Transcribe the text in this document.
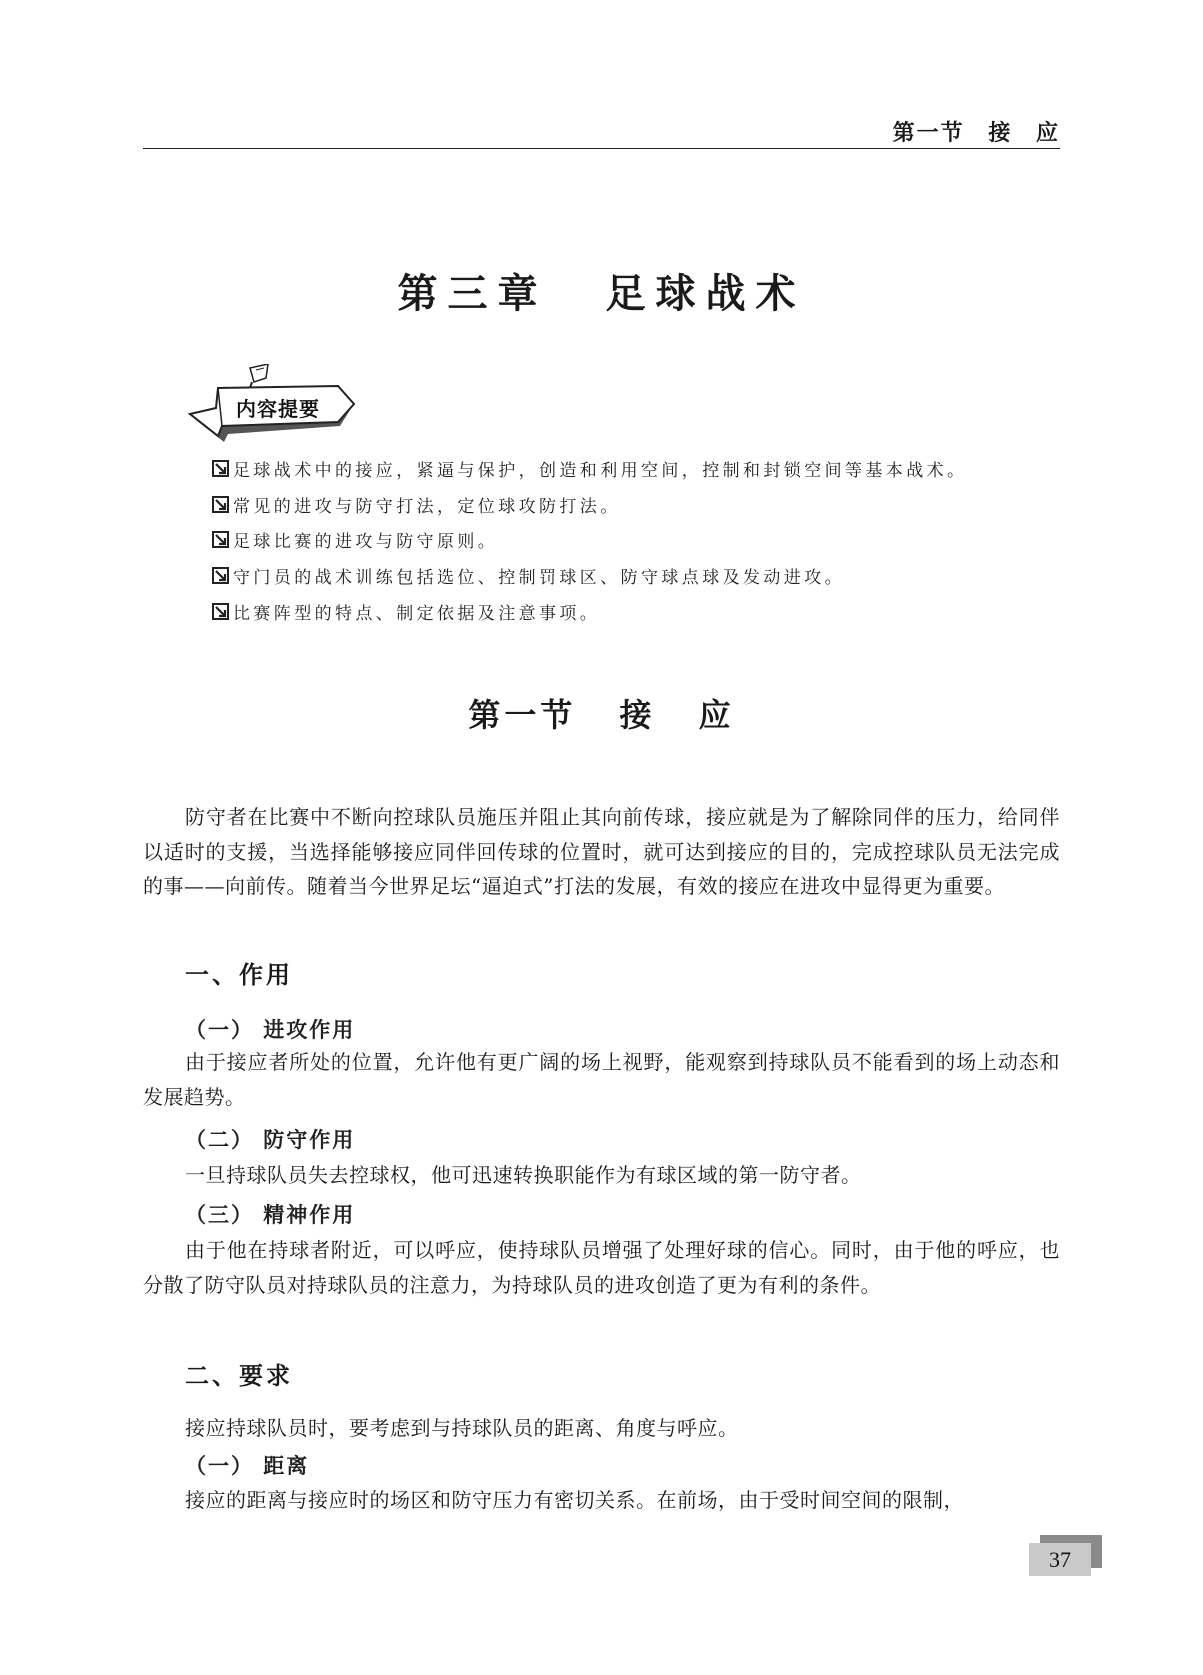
第一节 接 应
第三章 足球战术
内容提要
足球战术中的接应，紧逼与保护，创造和利用空间，控制和封锁空间等基本战术。
常见的进攻与防守打法，定位球攻防打法。
足球比赛的进攻与防守原则。
守门员的战术训练包括选位、控制罚球区、防守球点球及发动进攻。
比赛阵型的特点、制定依据及注意事项。
第一节 接 应

防守者在比赛中不断向控球队员施压并阻止其向前传球，接应就是为了解除同伴的压力，给同伴以适时的支援，当选择能够接应同伴回传球的位置时，就可达到接应的目的，完成控球队员无法完成的事——向前传。随着当今世界足坛“逼迫式”打法的发展，有效的接应在进攻中显得更为重要。

一、作用
（一） 进攻作用

由于接应者所处的位置，允许他有更广阔的场上视野，能观察到持球队员不能看到的场上动态和发展趋势。

（二） 防守作用

一旦持球队员失去控球权，他可迅速转换职能作为有球区域的第一防守者。

（三） 精神作用

由于他在持球者附近，可以呼应，使持球队员增强了处理好球的信心。同时，由于他的呼应，也分散了防守队员对持球队员的注意力，为持球队员的进攻创造了更为有利的条件。

二、要求

接应持球队员时，要考虑到与持球队员的距离、角度与呼应。

（一） 距离

接应的距离与接应时的场区和防守压力有密切关系。在前场，由于受时间空间的限制，

37
